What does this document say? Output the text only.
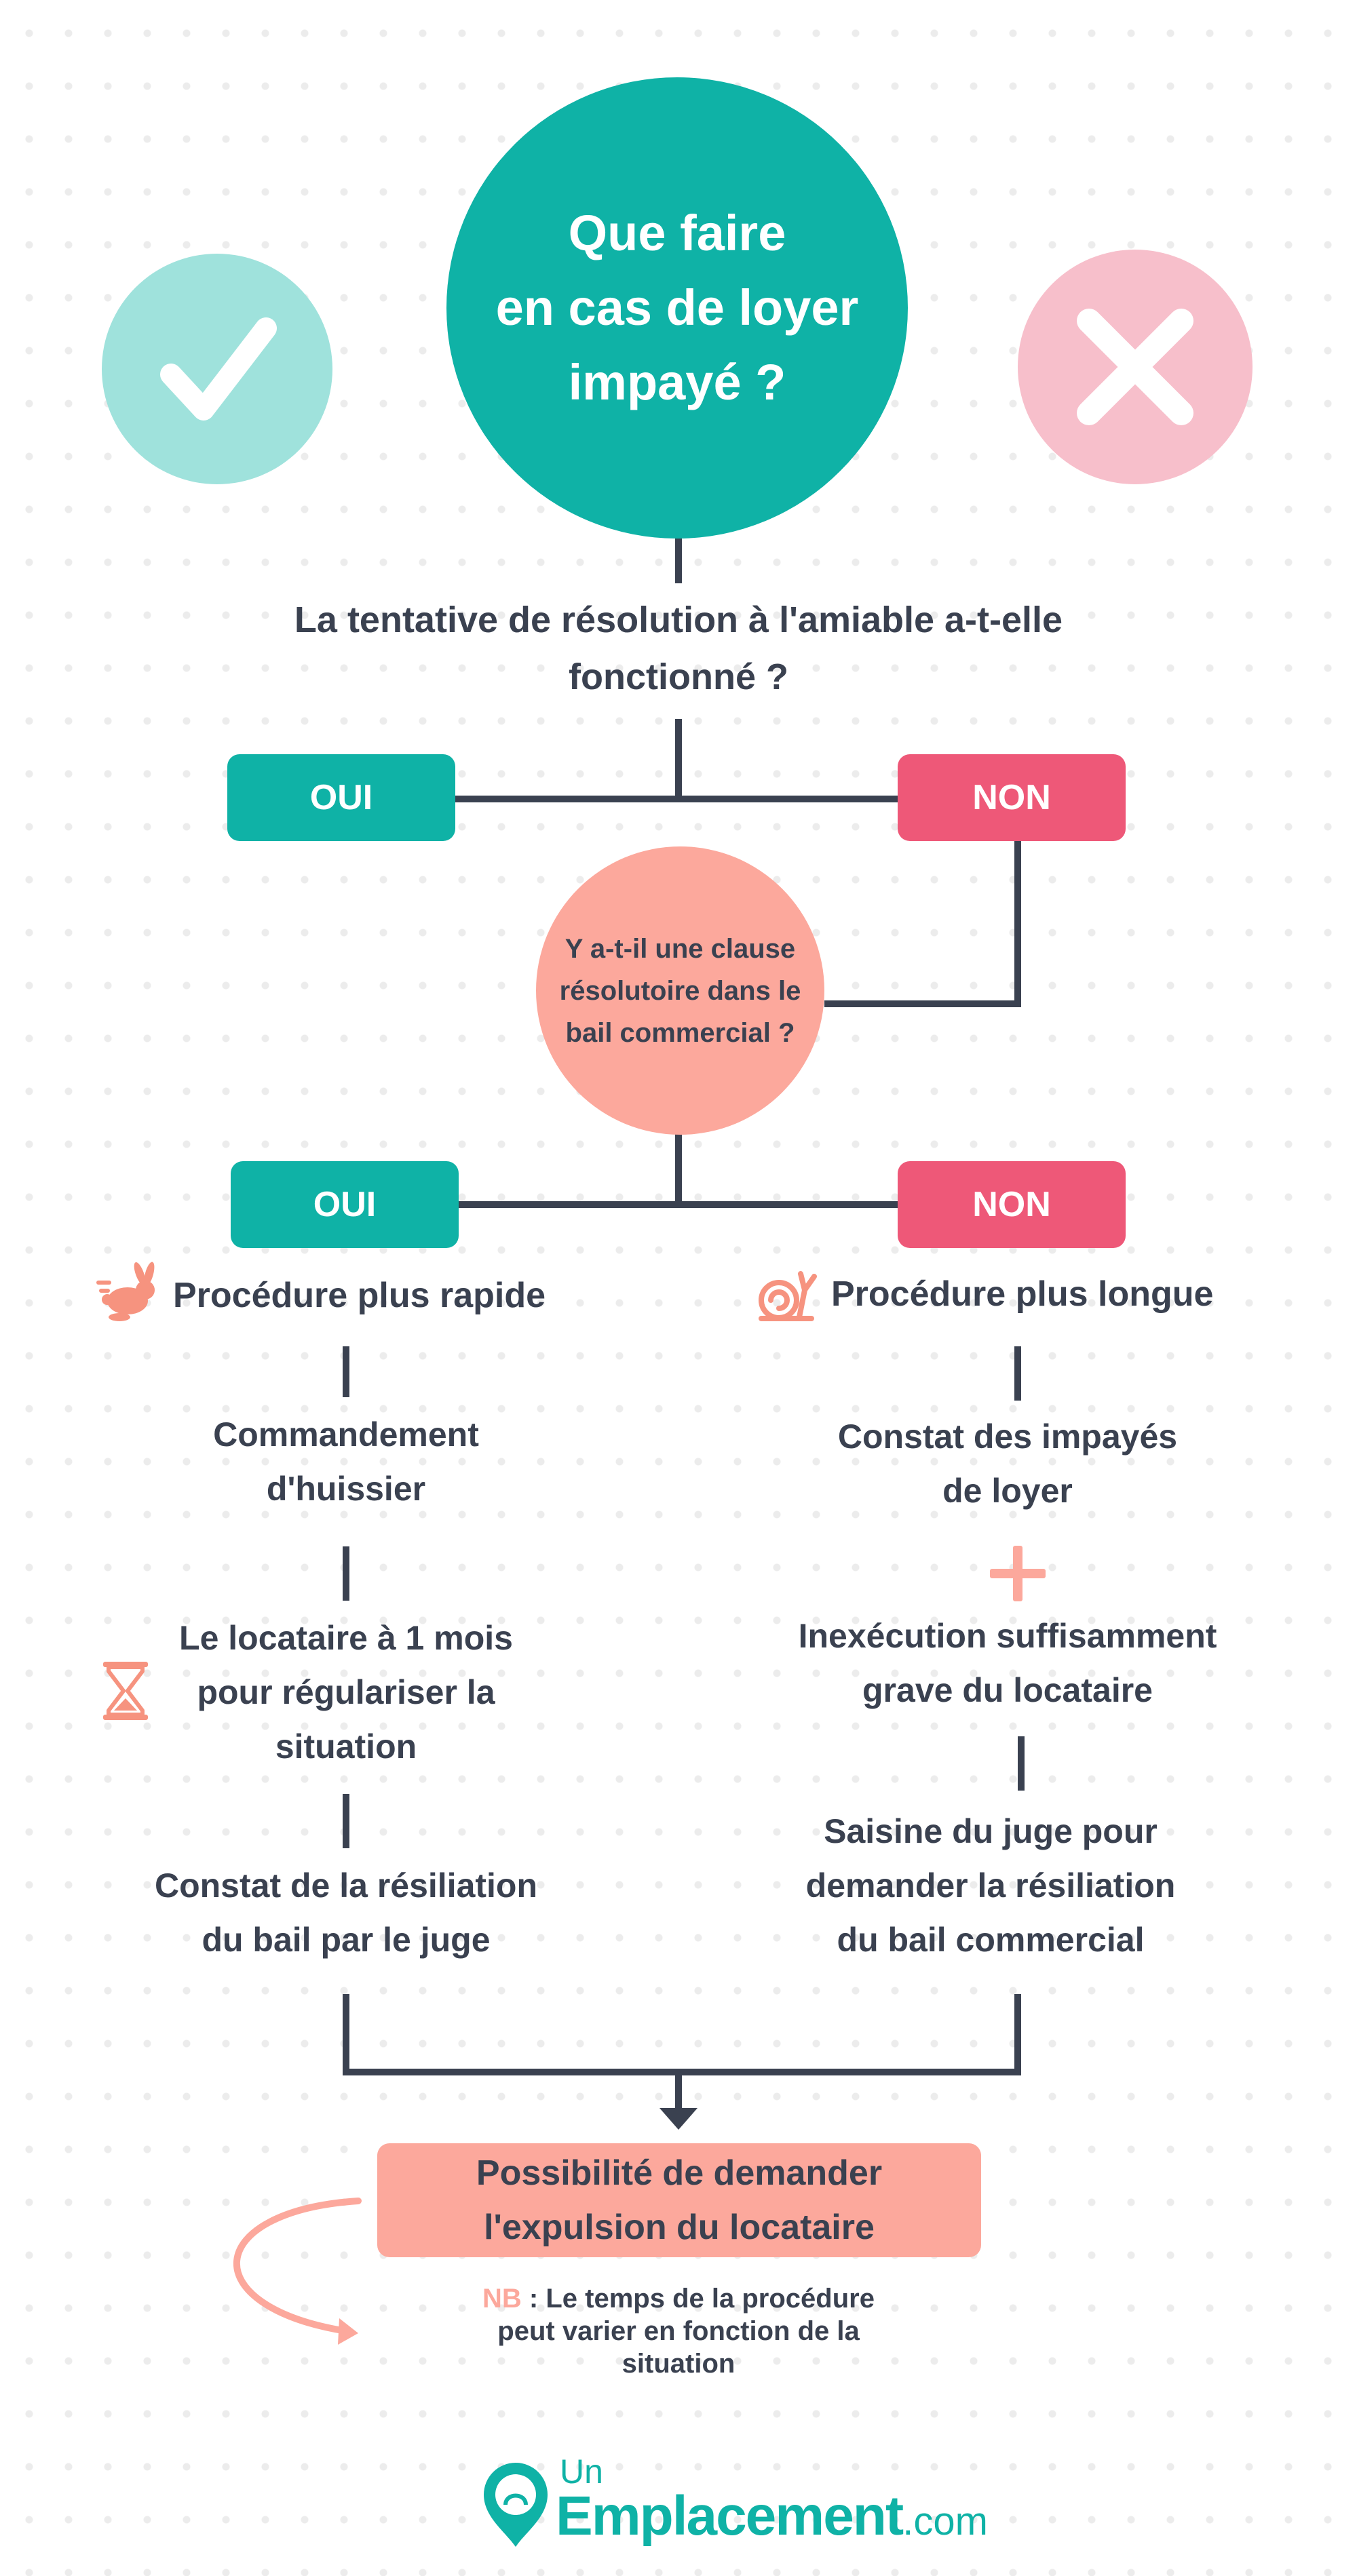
Que faire
en cas de loyer
impayé ?
La tentative de résolution à l'amiable a-t-elle
fonctionné ?
OUI	NON
Y a-t-il une clause
résolutoire dans le
bail commercial ?
OUI	NON
Procédure plus rapide	Procédure plus longue
Commandement
d'huissier
Le locataire à 1 mois
pour régulariser la
situation
Constat de la résiliation
du bail par le juge
Constat des impayés
de loyer
Inexécution suffisamment
grave du locataire
Saisine du juge pour
demander la résiliation
du bail commercial
Possibilité de demander
l'expulsion du locataire
NB : Le temps de la procédure
peut varier en fonction de la
situation
Un
Emplacement.com
